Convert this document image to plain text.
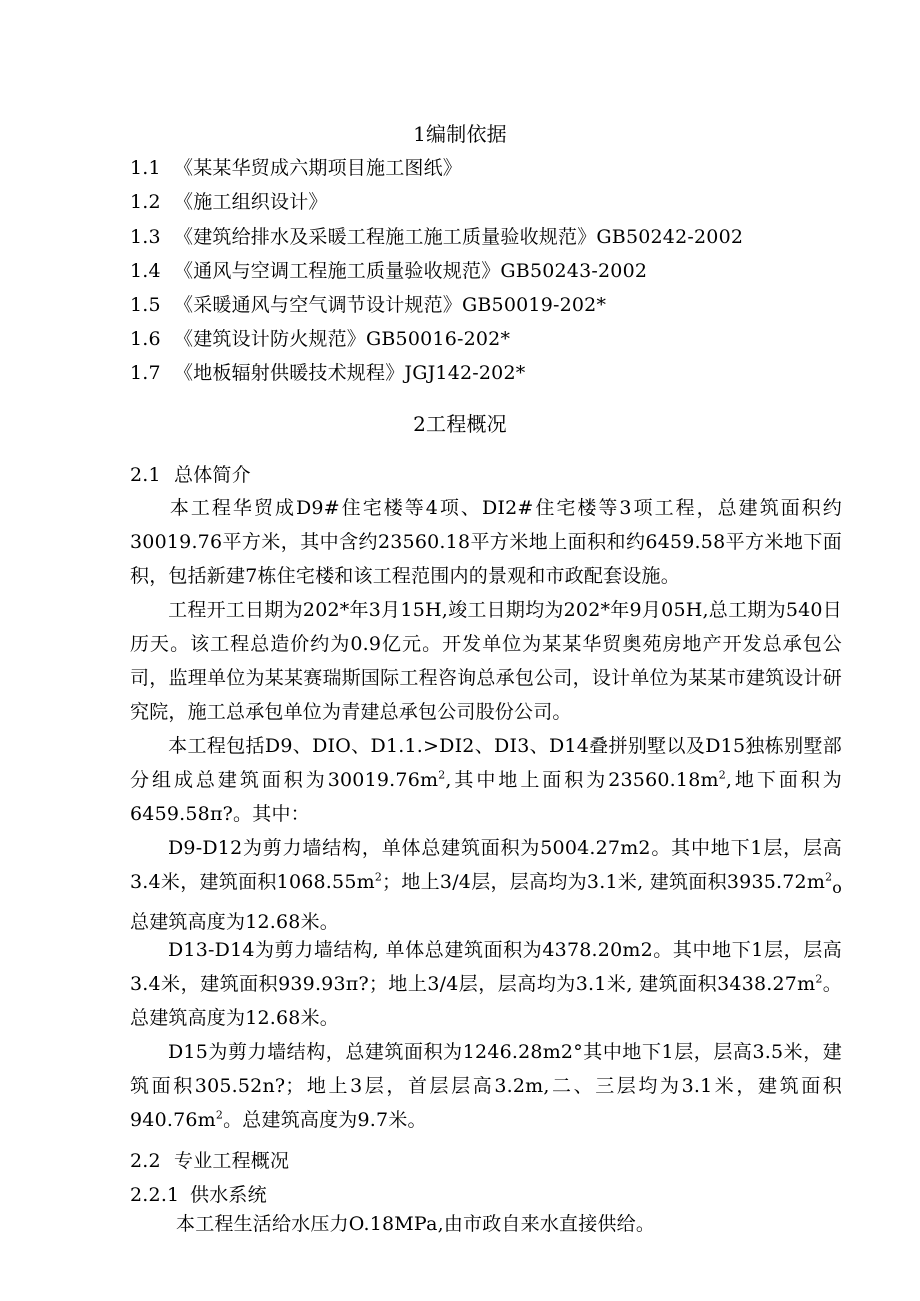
1编制依据
1.1 《某某华贸成六期项目施工图纸》
1.2 《施工组织设计》
1.3 《建筑给排水及采暖工程施工施工质量验收规范》GB50242-2002
1.4 《通风与空调工程施工质量验收规范》GB50243-2002
1.5 《采暖通风与空气调节设计规范》GB50019-202*
1.6 《建筑设计防火规范》GB50016-202*
1.7 《地板辐射供暖技术规程》JGJ142-202*
2工程概况
2.1 总体简介
本工程华贸成D9#住宅楼等4项、DI2#住宅楼等3项工程，总建筑面积约30019.76平方米，其中含约23560.18平方米地上面积和约6459.58平方米地下面积，包括新建7栋住宅楼和该工程范围内的景观和市政配套设施。
工程开工日期为202*年3月15H,竣工日期均为202*年9月05H,总工期为540日历天。该工程总造价约为0.9亿元。开发单位为某某华贸奥苑房地产开发总承包公司，监理单位为某某赛瑞斯国际工程咨询总承包公司，设计单位为某某市建筑设计研究院，施工总承包单位为青建总承包公司股份公司。
本工程包括D9、DIO、D1.1.>DI2、DI3、D14叠拼别墅以及D15独栋别墅部分组成总建筑面积为$30019.76m^2$,其中地上面积为$23560.18m^2$,地下面积为6459.58π?。其中：
D9-D12为剪力墙结构，单体总建筑面积为5004.27m2。其中地下1层，层高3.4米，建筑面积$1068.55m^2$；地上3/4层，层高均为3.1米, 建筑面积$3935.72m^2_o$总建筑高度为12.68米。
D13-D14为剪力墙结构, 单体总建筑面积为4378.20m2。其中地下1层，层高3.4米，建筑面积939.93π?；地上3/4层，层高均为3.1米, 建筑面积$3438.27m^2$。总建筑高度为12.68米。
D15为剪力墙结构，总建筑面积为1246.28m2°其中地下1层，层高3.5米，建筑面积305.52n?；地上3层，首层层高3.2m,二、三层均为3.1米，建筑面积$940.76m^2$。总建筑高度为9.7米。
2.2 专业工程概况
2.2.1 供水系统
本工程生活给水压力O.18MPa,由市政自来水直接供给。
